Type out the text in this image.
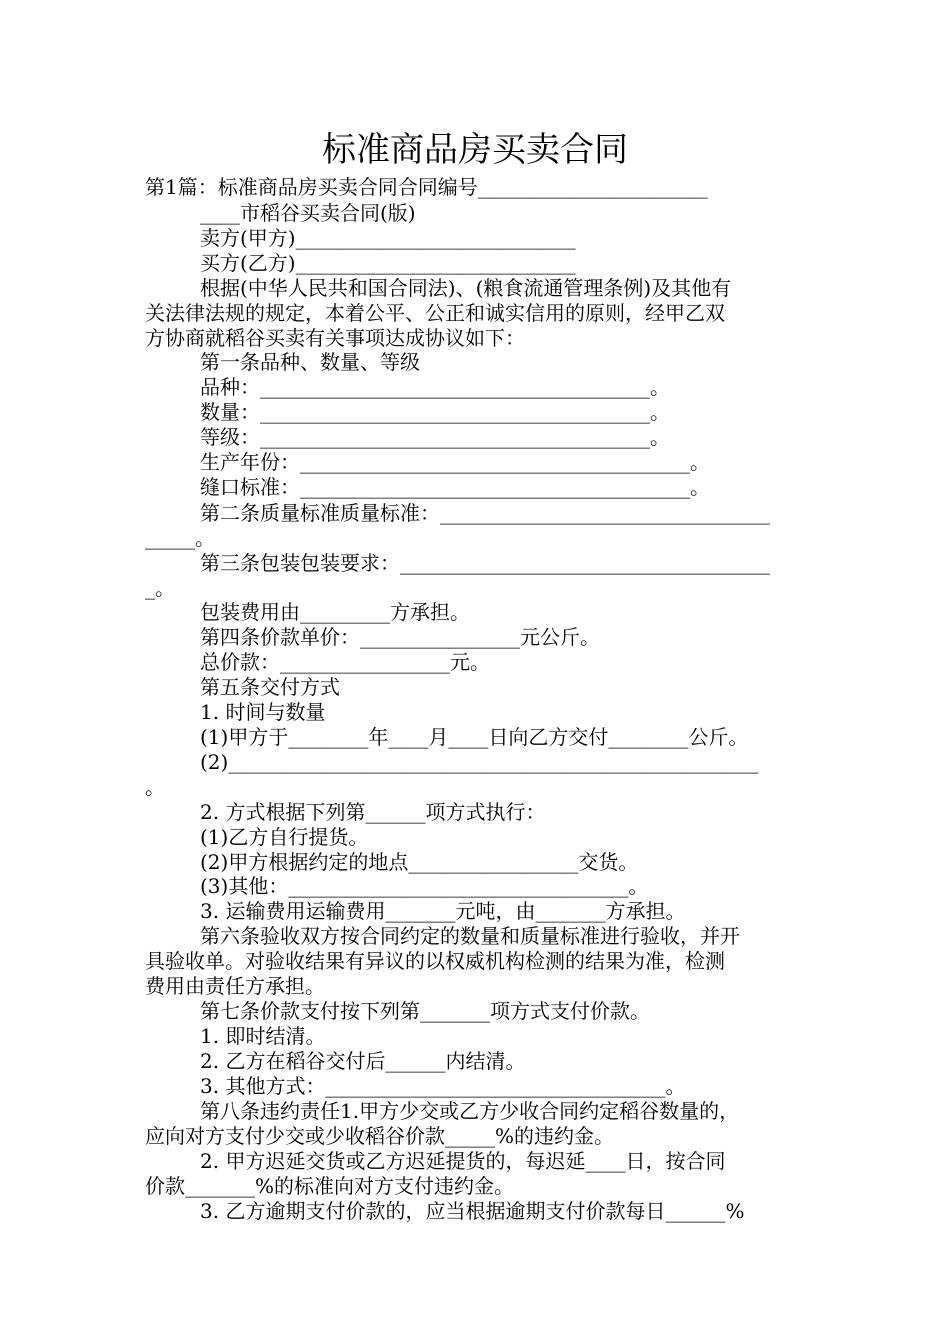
标准商品房买卖合同
第1篇：标准商品房买卖合同合同编号_______________________
____市稻谷买卖合同(版)
卖方(甲方)____________________________
买方(乙方)____________________________
根据(中华人民共和国合同法)、(粮食流通管理条例)及其他有
关法律法规的规定，本着公平、公正和诚实信用的原则，经甲乙双
方协商就稻谷买卖有关事项达成协议如下：
第一条品种、数量、等级
品种：_______________________________________。
数量：_______________________________________。
等级：_______________________________________。
生产年份：_______________________________________。
缝口标准：_______________________________________。
第二条质量标准质量标准：_________________________________
_____。
第三条包装包装要求：_____________________________________
_。
包装费用由_________方承担。
第四条价款单价：________________元公斤。
总价款：_________________元。
第五条交付方式
1. 时间与数量
(1)甲方于________年____月____日向乙方交付________公斤。
(2)_____________________________________________________
。
2. 方式根据下列第______项方式执行：
(1)乙方自行提货。
(2)甲方根据约定的地点_________________交货。
(3)其他：__________________________________。
3. 运输费用运输费用_______元吨，由_______方承担。
第六条验收双方按合同约定的数量和质量标准进行验收，并开
具验收单。对验收结果有异议的以权威机构检测的结果为准，检测
费用由责任方承担。
第七条价款支付按下列第_______项方式支付价款。
1. 即时结清。
2. 乙方在稻谷交付后______内结清。
3. 其他方式：__________________________________。
第八条违约责任1.甲方少交或乙方少收合同约定稻谷数量的，
应向对方支付少交或少收稻谷价款_____%的违约金。
2. 甲方迟延交货或乙方迟延提货的，每迟延____日，按合同
价款_______%的标准向对方支付违约金。
3. 乙方逾期支付价款的，应当根据逾期支付价款每日______%
